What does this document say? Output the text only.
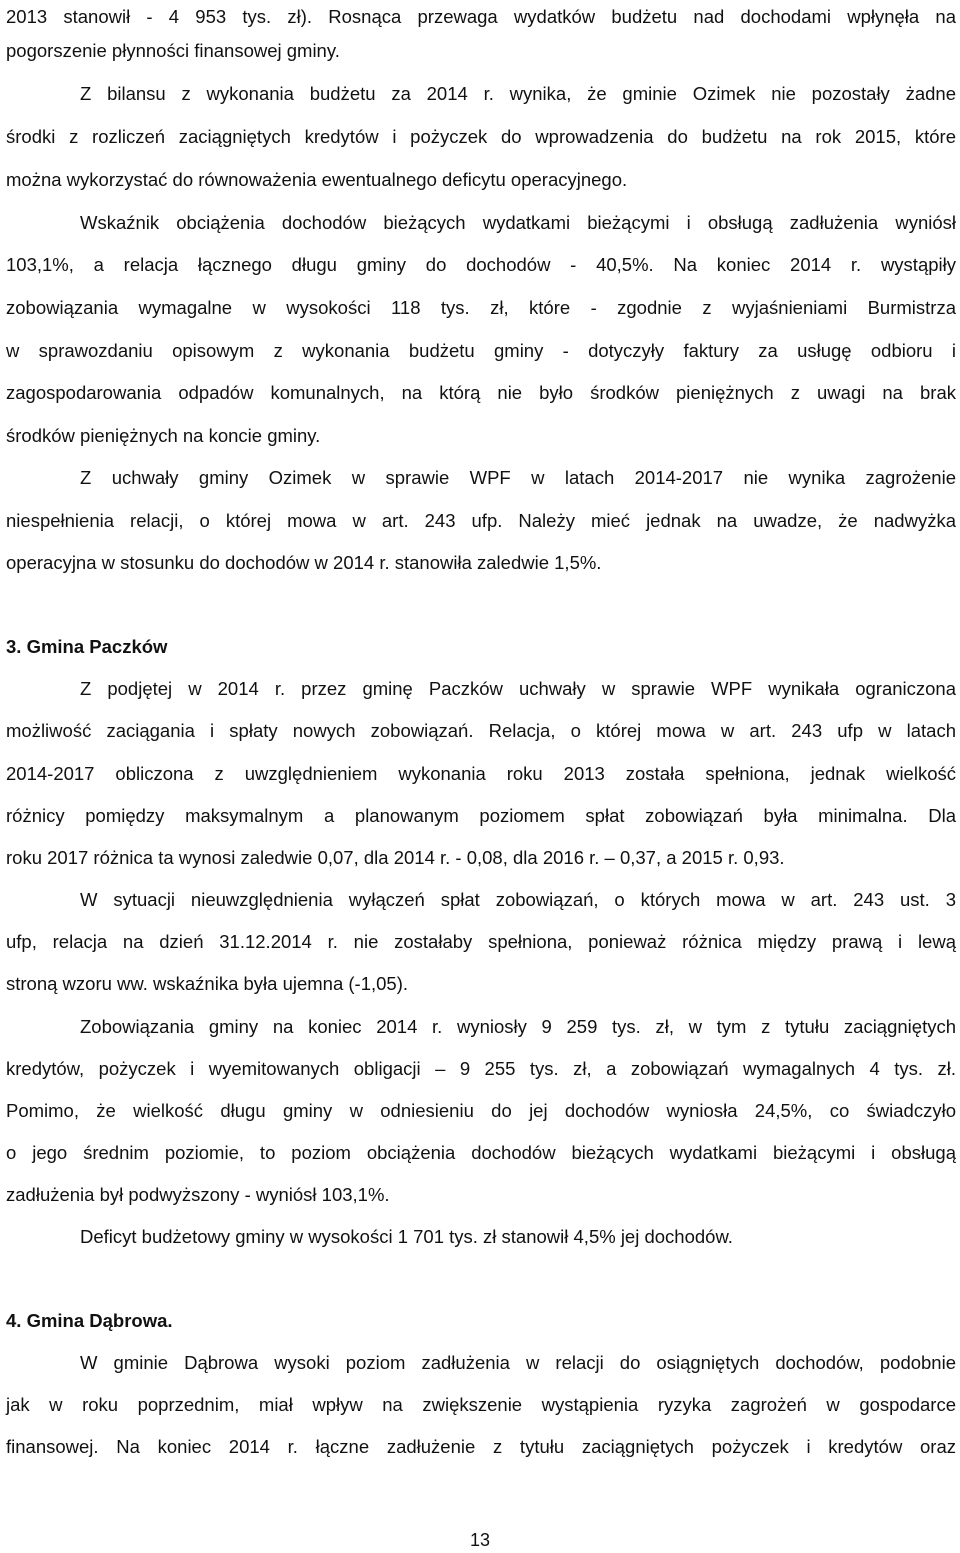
2013 stanowił - 4 953 tys. zł). Rosnąca przewaga wydatków budżetu nad dochodami wpłynęła na
pogorszenie płynności finansowej gminy.
Z bilansu z wykonania budżetu za 2014 r. wynika, że gminie Ozimek nie pozostały żadne
środki z rozliczeń zaciągniętych kredytów i pożyczek do wprowadzenia do budżetu na rok 2015, które
można wykorzystać do równoważenia ewentualnego deficytu operacyjnego.
Wskaźnik obciążenia dochodów bieżących wydatkami bieżącymi i obsługą zadłużenia wyniósł
103,1%, a relacja łącznego długu gminy do dochodów - 40,5%. Na koniec 2014 r. wystąpiły
zobowiązania wymagalne w wysokości 118 tys. zł, które - zgodnie z wyjaśnieniami Burmistrza
w sprawozdaniu opisowym z wykonania budżetu gminy - dotyczyły faktury za usługę odbioru i
zagospodarowania odpadów komunalnych, na którą nie było środków pieniężnych z uwagi na brak
środków pieniężnych na koncie gminy.
Z uchwały gminy Ozimek w sprawie WPF w latach 2014-2017 nie wynika zagrożenie
niespełnienia relacji, o której mowa w art. 243 ufp. Należy mieć jednak na uwadze, że nadwyżka
operacyjna w stosunku do dochodów w 2014 r. stanowiła zaledwie 1,5%.
3. Gmina Paczków
Z podjętej w 2014 r. przez gminę Paczków uchwały w sprawie WPF wynikała ograniczona
możliwość zaciągania i spłaty nowych zobowiązań. Relacja, o której mowa w art. 243 ufp w latach
2014-2017 obliczona z uwzględnieniem wykonania roku 2013 została spełniona, jednak wielkość
różnicy pomiędzy maksymalnym a planowanym poziomem spłat zobowiązań była minimalna. Dla
roku 2017 różnica ta wynosi zaledwie 0,07, dla 2014 r. - 0,08, dla 2016 r. – 0,37, a 2015 r. 0,93.
W sytuacji nieuwzględnienia wyłączeń spłat zobowiązań, o których mowa w art. 243 ust. 3
ufp, relacja na dzień 31.12.2014 r. nie zostałaby spełniona, ponieważ różnica między prawą i lewą
stroną wzoru ww. wskaźnika była ujemna (-1,05).
Zobowiązania gminy na koniec 2014 r. wyniosły 9 259 tys. zł, w tym z tytułu zaciągniętych
kredytów, pożyczek i wyemitowanych obligacji – 9 255 tys. zł, a zobowiązań wymagalnych 4 tys. zł.
Pomimo, że wielkość długu gminy w odniesieniu do jej dochodów wyniosła 24,5%, co świadczyło
o jego średnim poziomie, to poziom obciążenia dochodów bieżących wydatkami bieżącymi i obsługą
zadłużenia był podwyższony - wyniósł 103,1%.
Deficyt budżetowy gminy w wysokości 1 701 tys. zł stanowił 4,5% jej dochodów.
4. Gmina Dąbrowa.
W gminie Dąbrowa wysoki poziom zadłużenia w relacji do osiągniętych dochodów, podobnie
jak w roku poprzednim, miał wpływ na zwiększenie wystąpienia ryzyka zagrożeń w gospodarce
finansowej. Na koniec 2014 r. łączne zadłużenie z tytułu zaciągniętych pożyczek i kredytów oraz
13
